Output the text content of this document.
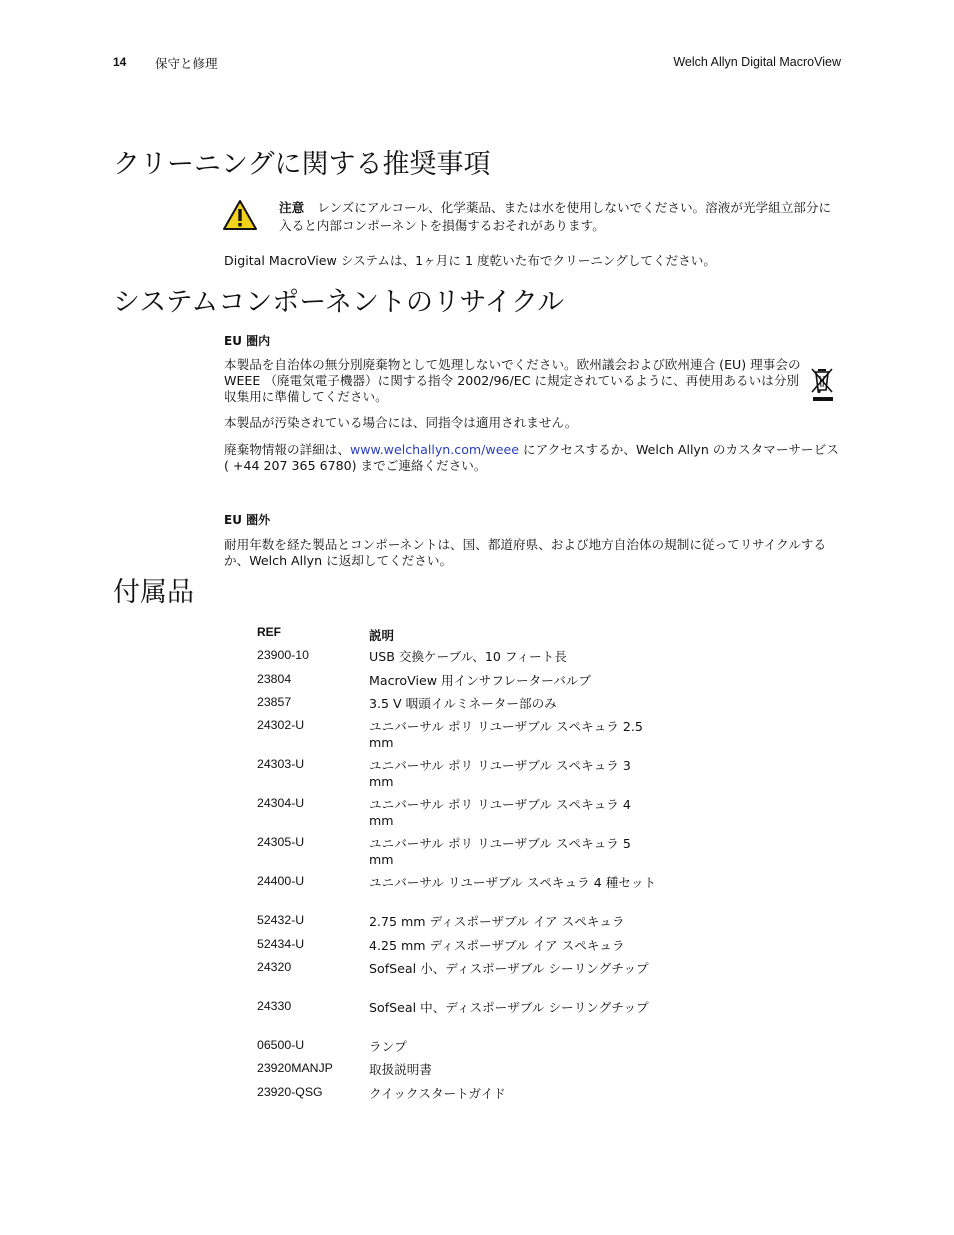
14 保守と修理	Welch Allyn Digital MacroView
クリーニングに関する推奨事項
注意 レンズにアルコール、化学薬品、または水を使用しないでください。溶液が光学組立部分に入ると内部コンポーネントを損傷するおそれがあります。

Digital MacroView システムは、1ヶ月に 1 度乾いた布でクリーニングしてください。

システムコンポーネントのリサイクル
EU 圏内

本製品を自治体の無分別廃棄物として処理しないでください。欧州議会および欧州連合 (EU) 理事会の WEEE （廃電気電子機器）に関する指令 2002/96/EC に規定されているように、再使用あるいは分別収集用に準備してください。

本製品が汚染されている場合には、同指令は適用されません。

廃棄物情報の詳細は、www.welchallyn.com/weee にアクセスするか、Welch Allyn のカスタマーサービス ( +44 207 365 6780) までご連絡ください。

EU 圏外

耐用年数を経た製品とコンポーネントは、国、都道府県、および地方自治体の規制に従ってリサイクルするか、Welch Allyn に返却してください。

付属品
REF	説明
23900-10	USB 交換ケーブル、10 フィート長
23804	MacroView 用インサフレーターバルブ
23857	3.5 V 咽頭イルミネーター部のみ
24302-U	ユニバーサル ポリ リユーザブル スペキュラ 2.5 mm
24303-U	ユニバーサル ポリ リユーザブル スペキュラ 3 mm
24304-U	ユニバーサル ポリ リユーザブル スペキュラ 4 mm
24305-U	ユニバーサル ポリ リユーザブル スペキュラ 5 mm
24400-U	ユニバーサル リユーザブル スペキュラ 4 種セット
52432-U	2.75 mm ディスポーザブル イア スペキュラ
52434-U	4.25 mm ディスポーザブル イア スペキュラ
24320	SofSeal 小、ディスポーザブル シーリングチップ
24330	SofSeal 中、ディスポーザブル シーリングチップ
06500-U	ランプ
23920MANJP	取扱説明書
23920-QSG	クイックスタートガイド
